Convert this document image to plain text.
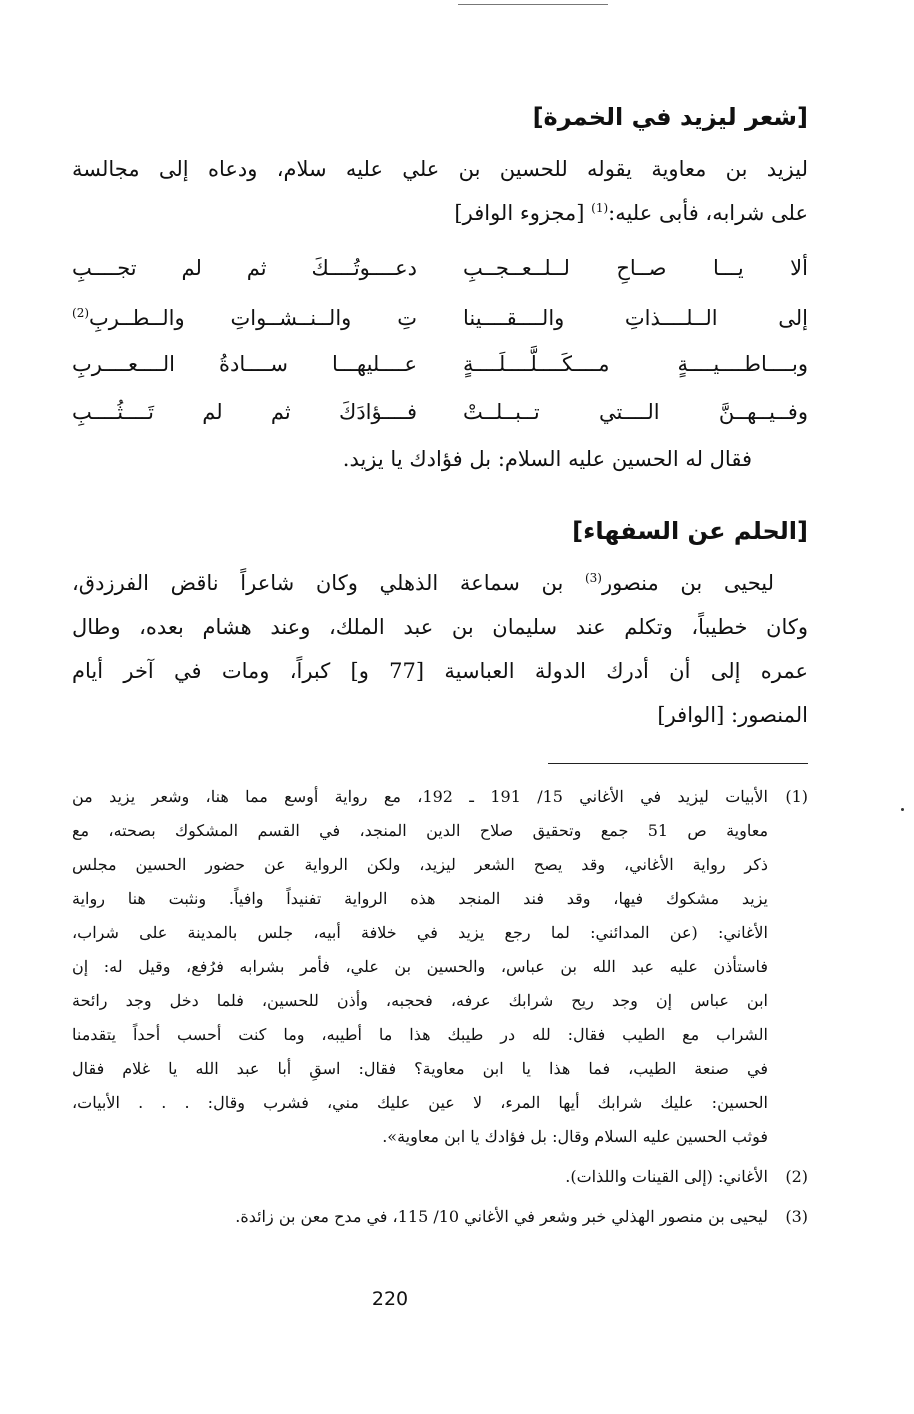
[شعر ليزيد في الخمرة]
ليزيد بن معاوية يقوله للحسين بن علي عليه سلام، ودعاه إلى مجالسة
على شرابه، فأبى عليه:$^{(1)}$ [مجزوء الوافر]
ألا يـــا صــاحِ لــلــعــجــبِ
دعــــوتُــــكَ ثم لم تجــــبِ
إلى الــلــــذاتِ والــــقــــينا
تِ والــنــشــواتِ والــطــربِ$^{(2)}$
وبــــاطــــيــــةٍ مــــكَــــلَّــــلَــــةٍ
عــــليهـــا ســــادةُ الــــعــــربِ
وفــيــهــنَّ الــــتي تــبــلــتْ
فــــؤادَكَ ثم لم تَــــثُــــبِ
فقال له الحسين عليه السلام: بل فؤادك يا يزيد.
[الحلم عن السفهاء]
ليحيى بن منصور$^{(3)}$ بن سماعة الذهلي وكان شاعراً ناقض الفرزدق،
وكان خطيباً، وتكلم عند سليمان بن عبد الملك، وعند هشام بعده، وطال
عمره إلى أن أدرك الدولة العباسية [77 و] كبراً، ومات في آخر أيام
المنصور: [الوافر]
(1)
الأبيات ليزيد في الأغاني 15/ 191 ـ 192، مع رواية أوسع مما هنا، وشعر يزيد من
معاوية ص 51 جمع وتحقيق صلاح الدين المنجد، في القسم المشكوك بصحته، مع
ذكر رواية الأغاني، وقد يصح الشعر ليزيد، ولكن الرواية عن حضور الحسين مجلس
يزيد مشكوك فيها، وقد فند المنجد هذه الرواية تفنيداً وافياً. ونثبت هنا رواية
الأغاني: (عن المدائني: لما رجع يزيد في خلافة أبيه، جلس بالمدينة على شراب،
فاستأذن عليه عبد الله بن عباس، والحسين بن علي، فأمر بشرابه فرُفع، وقيل له: إن
ابن عباس إن وجد ريح شرابك عرفه، فحجبه، وأذن للحسين، فلما دخل وجد رائحة
الشراب مع الطيب فقال: لله در طيبك هذا ما أطيبه، وما كنت أحسب أحداً يتقدمنا
في صنعة الطيب، فما هذا يا ابن معاوية؟ فقال: اسقِ أبا عبد الله يا غلام فقال
الحسين: عليك شرابك أيها المرء، لا عين عليك مني، فشرب وقال: . . . الأبيات،
فوثب الحسين عليه السلام وقال: بل فؤادك يا ابن معاوية».
(2)
الأغاني: (إلى القينات واللذات).
(3)
ليحيى بن منصور الهذلي خبر وشعر في الأغاني 10/ 115، في مدح معن بن زائدة.
220
